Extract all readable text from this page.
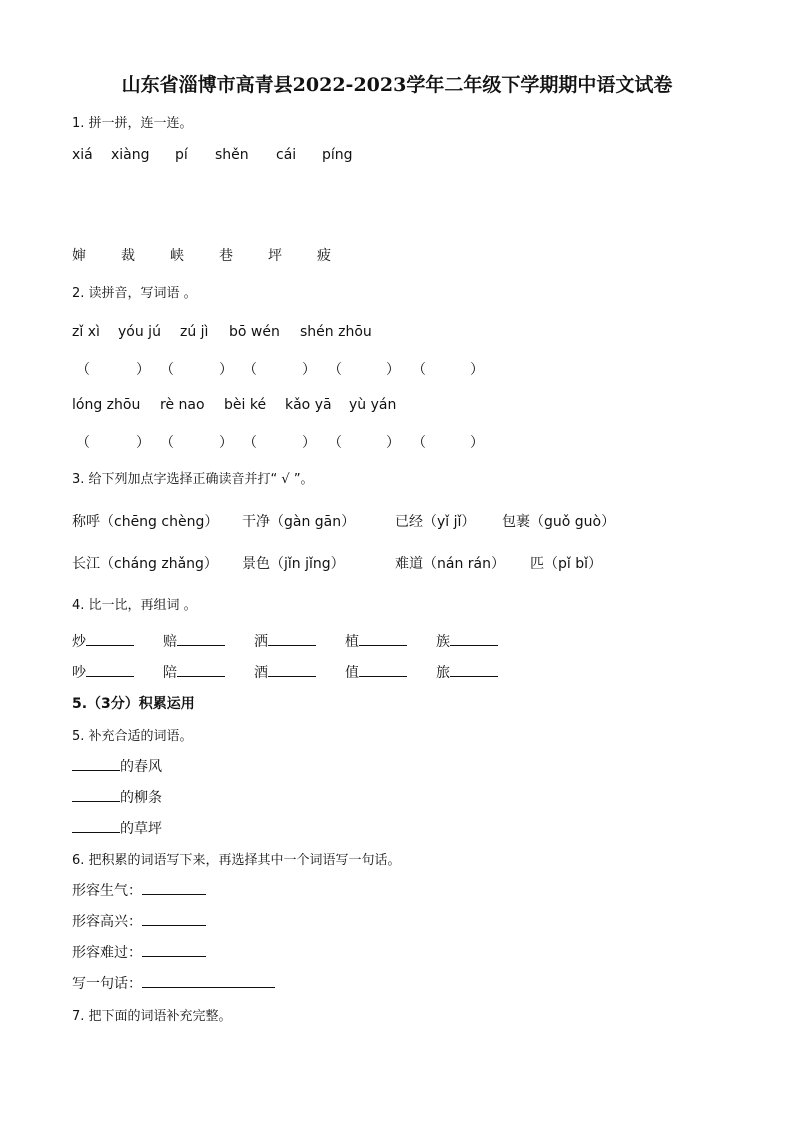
山东省淄博市高青县2022-2023学年二年级下学期期中语文试卷
1. 拼一拼，连一连。
xiá xiàng pí shěn cái píng
婶	裁	峡	巷	坪	疲
2. 读拼音，写词语 。
zǐ xì yóu jú zú jì bō wén shén zhōu
（	） （	） （	） （	） （	）
lóng zhōu rè nao bèi ké kǎo yā yù yán
（	） （	） （	） （	） （	）
3. 给下列加点字选择正确读音并打“ √ ”。
称呼（chēng chèng） 干净（gàn gān）	已经（yǐ jǐ） 包裹（guǒ guò）
长江（cháng zhǎng） 景色（jǐn jǐng）	难道（nán rán） 匹（pǐ bǐ）
4. 比一比，再组词 。
炒	赔	洒	植	族
吵	陪	酒	值	旅
5.（3分）积累运用
5. 补充合适的词语。
的春风
的柳条
的草坪
6. 把积累的词语写下来，再选择其中一个词语写一句话。
形容生气：
形容高兴：
形容难过：
写一句话：
7. 把下面的词语补充完整。
